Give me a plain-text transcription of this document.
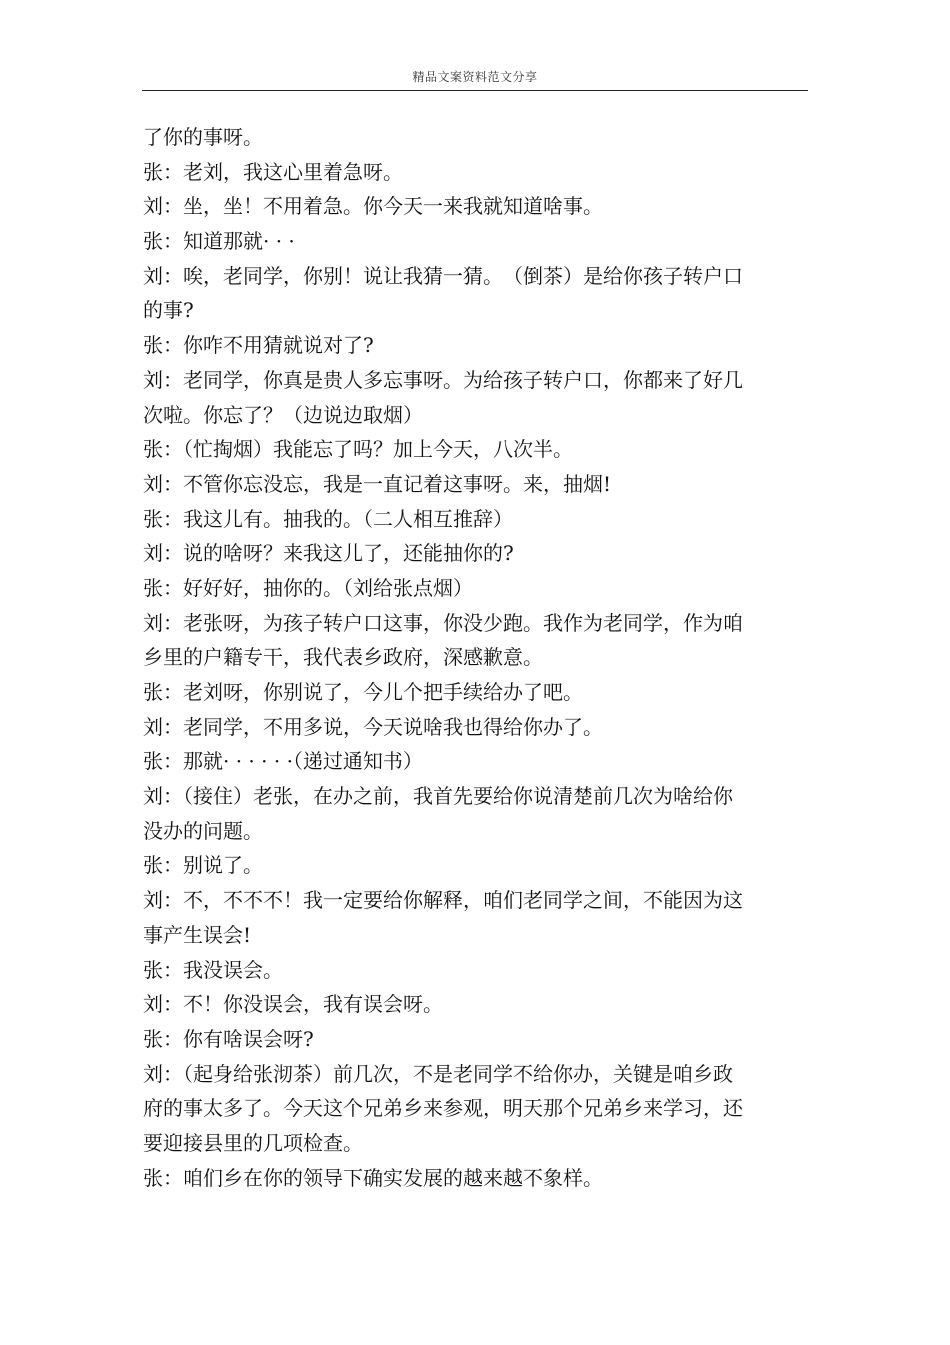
精品文案资料范文分享
了你的事呀。
张：老刘，我这心里着急呀。
刘：坐，坐！不用着急。你今天一来我就知道啥事。
张：知道那就· · ·
刘：唉，老同学，你别！说让我猜一猜。　（倒茶）是给你孩子转户口
的事?
张：你咋不用猜就说对了?
刘：老同学，你真是贵人多忘事呀。为给孩子转户口，你都来了好几
次啦。你忘了？（边说边取烟）
张：（忙掏烟）我能忘了吗？加上今天，八次半。
刘：不管你忘没忘，我是一直记着这事呀。来，抽烟!
张：我这儿有。抽我的。（二人相互推辞）
刘：说的啥呀？来我这儿了，还能抽你的?
张：好好好，抽你的。（刘给张点烟）
刘：老张呀，为孩子转户口这事，你没少跑。我作为老同学，作为咱
乡里的户籍专干，我代表乡政府，深感歉意。
张：老刘呀，你别说了，今儿个把手续给办了吧。
刘：老同学，不用多说，今天说啥我也得给你办了。
张：那就· · · · · ·（递过通知书）
刘：（接住）老张，在办之前，我首先要给你说清楚前几次为啥给你
没办的问题。
张：别说了。
刘：不，不不不！我一定要给你解释，咱们老同学之间，不能因为这
事产生误会!
张：我没误会。
刘：不！你没误会，我有误会呀。
张：你有啥误会呀?
刘：（起身给张沏茶）前几次，不是老同学不给你办，关键是咱乡政
府的事太多了。今天这个兄弟乡来参观，明天那个兄弟乡来学习，还
要迎接县里的几项检查。
张：咱们乡在你的领导下确实发展的越来越不象样。
